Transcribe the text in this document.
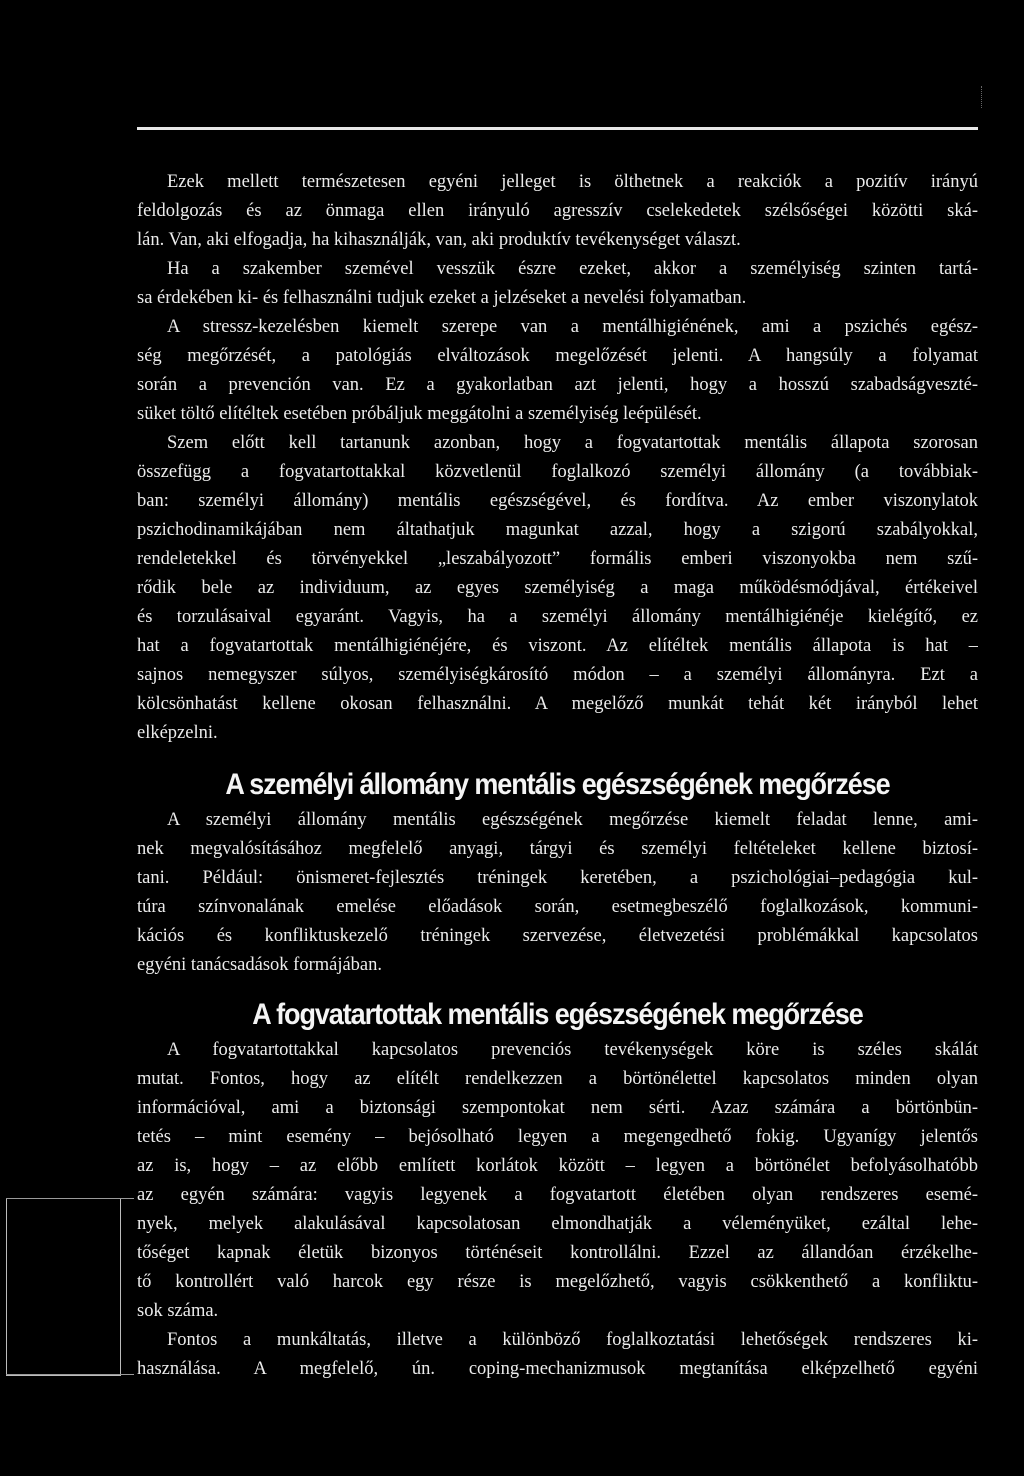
Ezek mellett természetesen egyéni jelleget is ölthetnek a reakciók a pozitív irányú
feldolgozás és az önmaga ellen irányuló agresszív cselekedetek szélsőségei közötti ská-
lán. Van, aki elfogadja, ha kihasználják, van, aki produktív tevékenységet választ.
Ha a szakember szemével vesszük észre ezeket, akkor a személyiség szinten tartá-
sa érdekében ki- és felhasználni tudjuk ezeket a jelzéseket a nevelési folyamatban.
A stressz-kezelésben kiemelt szerepe van a mentálhigiénének, ami a pszichés egész-
ség megőrzését, a patológiás elváltozások megelőzését jelenti. A hangsúly a folyamat
során a prevención van. Ez a gyakorlatban azt jelenti, hogy a hosszú szabadságveszté-
süket töltő elítéltek esetében próbáljuk meggátolni a személyiség leépülését.
Szem előtt kell tartanunk azonban, hogy a fogvatartottak mentális állapota szorosan
összefügg a fogvatartottakkal közvetlenül foglalkozó személyi állomány (a továbbiak-
ban: személyi állomány) mentális egészségével, és fordítva. Az ember viszonylatok
pszichodinamikájában nem áltathatjuk magunkat azzal, hogy a szigorú szabályokkal,
rendeletekkel és törvényekkel „leszabályozott” formális emberi viszonyokba nem szű-
rődik bele az individuum, az egyes személyiség a maga működésmódjával, értékeivel
és torzulásaival egyaránt. Vagyis, ha a személyi állomány mentálhigiénéje kielégítő, ez
hat a fogvatartottak mentálhigiénéjére, és viszont. Az elítéltek mentális állapota is hat –
sajnos nemegyszer súlyos, személyiségkárosító módon – a személyi állományra. Ezt a
kölcsönhatást kellene okosan felhasználni. A megelőző munkát tehát két irányból lehet
elképzelni.
A személyi állomány mentális egészségének megőrzése
A személyi állomány mentális egészségének megőrzése kiemelt feladat lenne, ami-
nek megvalósításához megfelelő anyagi, tárgyi és személyi feltételeket kellene biztosí-
tani. Például: önismeret-fejlesztés tréningek keretében, a pszichológiai–pedagógia kul-
túra színvonalának emelése előadások során, esetmegbeszélő foglalkozások, kommuni-
kációs és konfliktuskezelő tréningek szervezése, életvezetési problémákkal kapcsolatos
egyéni tanácsadások formájában.
A fogvatartottak mentális egészségének megőrzése
A fogvatartottakkal kapcsolatos prevenciós tevékenységek köre is széles skálát
mutat. Fontos, hogy az elítélt rendelkezzen a börtönélettel kapcsolatos minden olyan
információval, ami a biztonsági szempontokat nem sérti. Azaz számára a börtönbün-
tetés – mint esemény – bejósolható legyen a megengedhető fokig. Ugyanígy jelentős
az is, hogy – az előbb említett korlátok között – legyen a börtönélet befolyásolhatóbb
az egyén számára: vagyis legyenek a fogvatartott életében olyan rendszeres esemé-
nyek, melyek alakulásával kapcsolatosan elmondhatják a véleményüket, ezáltal lehe-
tőséget kapnak életük bizonyos történéseit kontrollálni. Ezzel az állandóan érzékelhe-
tő kontrollért való harcok egy része is megelőzhető, vagyis csökkenthető a konfliktu-
sok száma.
Fontos a munkáltatás, illetve a különböző foglalkoztatási lehetőségek rendszeres ki-
használása. A megfelelő, ún. coping-mechanizmusok megtanítása elképzelhető egyéni
